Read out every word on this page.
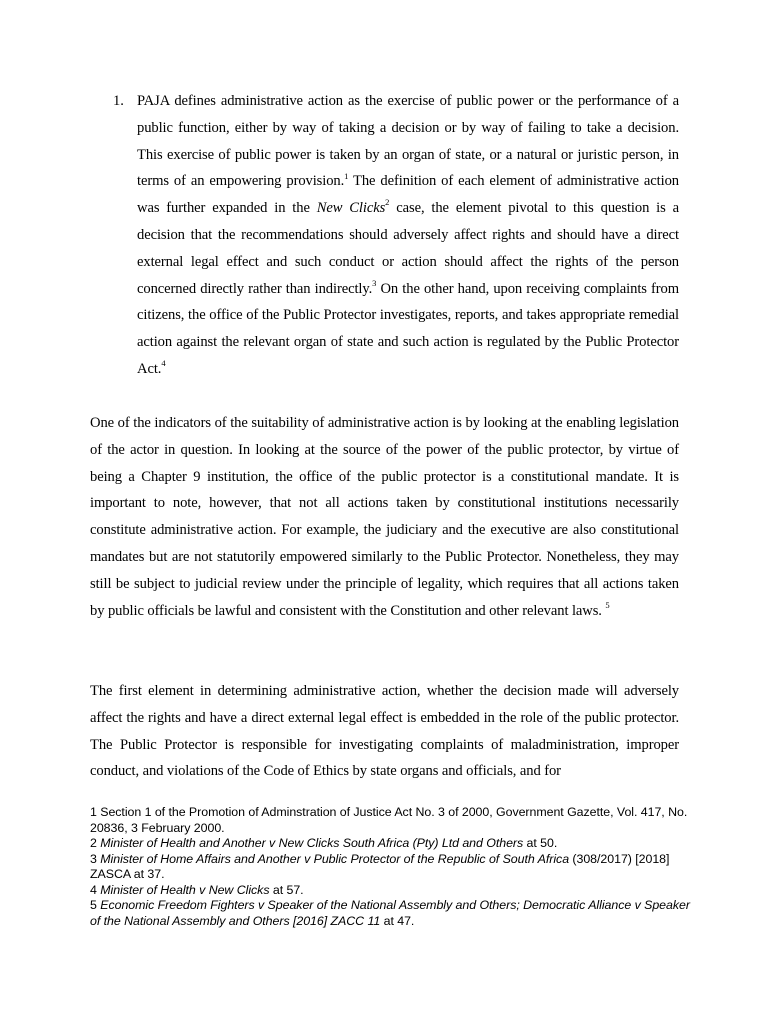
1. PAJA defines administrative action as the exercise of public power or the performance of a public function, either by way of taking a decision or by way of failing to take a decision. This exercise of public power is taken by an organ of state, or a natural or juristic person, in terms of an empowering provision.$^1$ The definition of each element of administrative action was further expanded in the New Clicks$^2$ case, the element pivotal to this question is a decision that the recommendations should adversely affect rights and should have a direct external legal effect and such conduct or action should affect the rights of the person concerned directly rather than indirectly.$^3$ On the other hand, upon receiving complaints from citizens, the office of the Public Protector investigates, reports, and takes appropriate remedial action against the relevant organ of state and such action is regulated by the Public Protector Act.$^4$

One of the indicators of the suitability of administrative action is by looking at the enabling legislation of the actor in question. In looking at the source of the power of the public protector, by virtue of being a Chapter 9 institution, the office of the public protector is a constitutional mandate. It is important to note, however, that not all actions taken by constitutional institutions necessarily constitute administrative action. For example, the judiciary and the executive are also constitutional mandates but are not statutorily empowered similarly to the Public Protector. Nonetheless, they may still be subject to judicial review under the principle of legality, which requires that all actions taken by public officials be lawful and consistent with the Constitution and other relevant laws. $^5$

The first element in determining administrative action, whether the decision made will adversely affect the rights and have a direct external legal effect is embedded in the role of the public protector. The Public Protector is responsible for investigating complaints of maladministration, improper conduct, and violations of the Code of Ethics by state organs and officials, and for

1 Section 1 of the Promotion of Adminstration of Justice Act No. 3 of 2000, Government Gazette, Vol. 417, No. 20836, 3 February 2000.

2 Minister of Health and Another v New Clicks South Africa (Pty) Ltd and Others at 50.

3 Minister of Home Affairs and Another v Public Protector of the Republic of South Africa (308/2017) [2018] ZASCA at 37.

4 Minister of Health v New Clicks at 57.

5 Economic Freedom Fighters v Speaker of the National Assembly and Others; Democratic Alliance v Speaker of the National Assembly and Others [2016] ZACC 11 at 47.
